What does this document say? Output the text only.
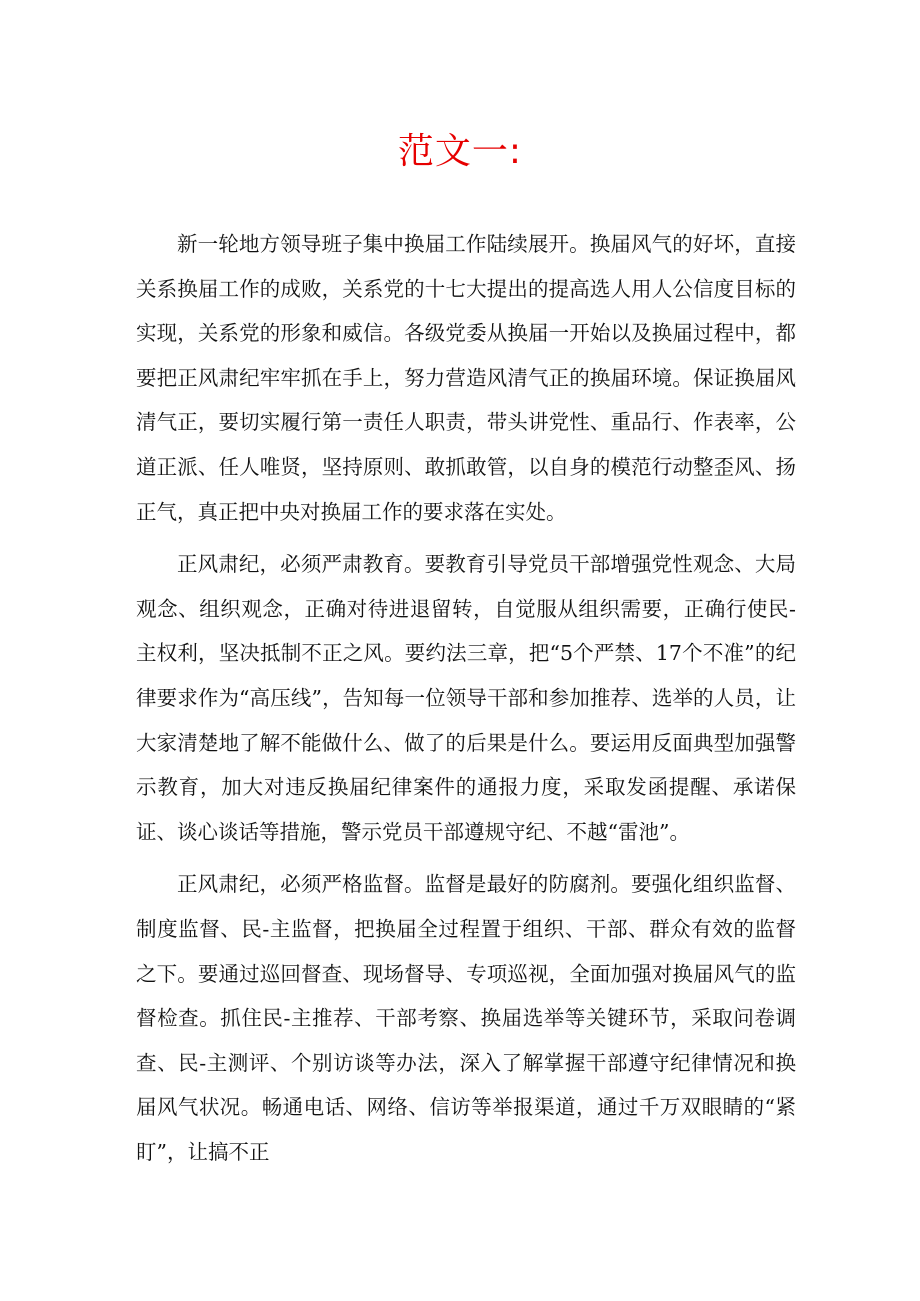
范文一:

新一轮地方领导班子集中换届工作陆续展开。换届风气的好坏，直接关系换届工作的成败，关系党的十七大提出的提高选人用人公信度目标的实现，关系党的形象和威信。各级党委从换届一开始以及换届过程中，都要把正风肃纪牢牢抓在手上，努力营造风清气正的换届环境。保证换届风清气正，要切实履行第一责任人职责，带头讲党性、重品行、作表率，公道正派、任人唯贤，坚持原则、敢抓敢管，以自身的模范行动整歪风、扬正气，真正把中央对换届工作的要求落在实处。

正风肃纪，必须严肃教育。要教育引导党员干部增强党性观念、大局观念、组织观念，正确对待进退留转，自觉服从组织需要，正确行使民-主权利，坚决抵制不正之风。要约法三章，把“5个严禁、17个不准”的纪律要求作为“高压线”，告知每一位领导干部和参加推荐、选举的人员，让大家清楚地了解不能做什么、做了的后果是什么。要运用反面典型加强警示教育，加大对违反换届纪律案件的通报力度，采取发函提醒、承诺保证、谈心谈话等措施，警示党员干部遵规守纪、不越“雷池”。

正风肃纪，必须严格监督。监督是最好的防腐剂。要强化组织监督、制度监督、民-主监督，把换届全过程置于组织、干部、群众有效的监督之下。要通过巡回督查、现场督导、专项巡视，全面加强对换届风气的监督检查。抓住民-主推荐、干部考察、换届选举等关键环节，采取问卷调查、民-主测评、个别访谈等办法，深入了解掌握干部遵守纪律情况和换届风气状况。畅通电话、网络、信访等举报渠道，通过千万双眼睛的“紧盯”，让搞不正
